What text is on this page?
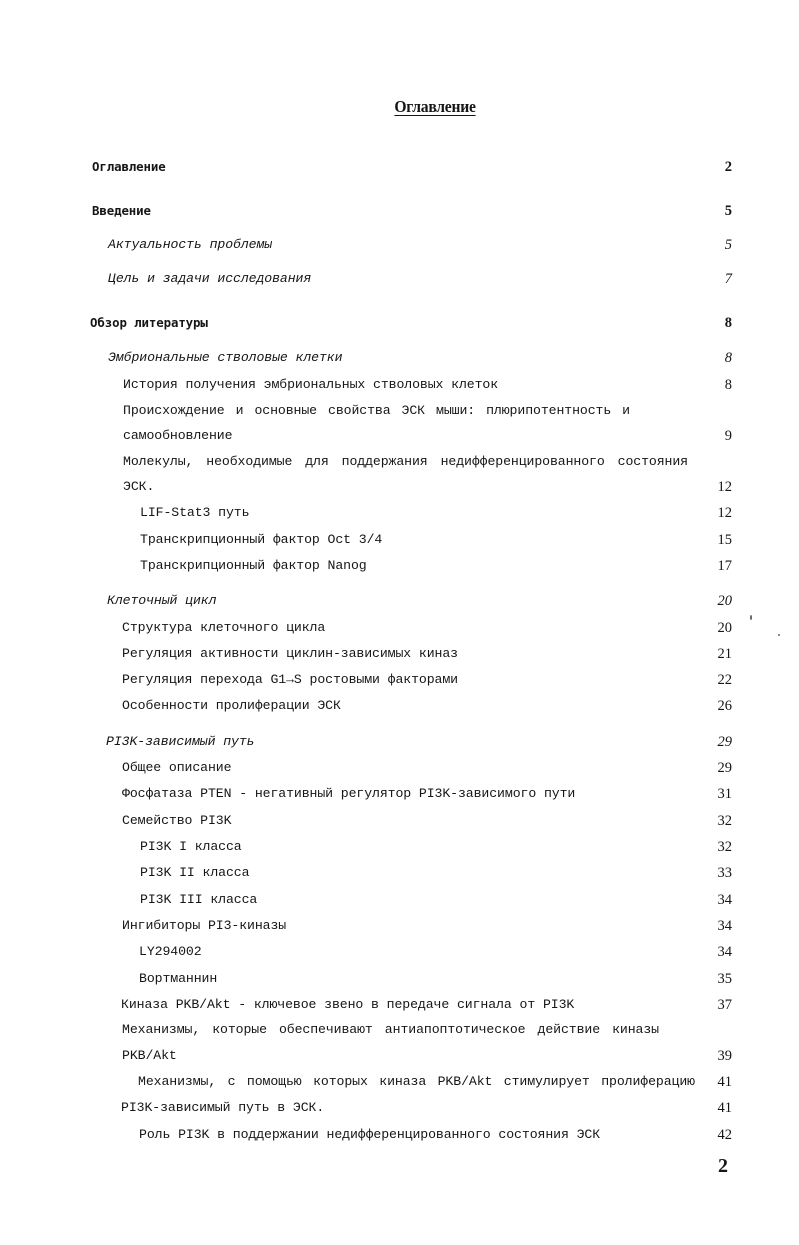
Оглавление
Оглавление	2
Введение	5
Актуальность проблемы	5
Цель и задачи исследования	7
Обзор литературы	8
Эмбриональные стволовые клетки	8
История получения эмбриональных стволовых клеток	8
Происхождение и основные свойства ЭСК мыши: плюрипотентность и
самообновление	9
Молекулы, необходимые для поддержания недифференцированного состояния
ЭСК.	12
LIF-Stat3 путь	12
Транскрипционный фактор Oct 3/4	15
Транскрипционный фактор Nanog	17
Клеточный цикл	20
Структура клеточного цикла	20
Регуляция активности циклин-зависимых киназ	21
Регуляция перехода G1→S ростовыми факторами	22
Особенности пролиферации ЭСК	26
PI3K-зависимый путь	29
Общее описание	29
Фосфатаза PTEN - негативный регулятор PI3K-зависимого пути	31
Семейство PI3K	32
PI3K I класса	32
PI3K II класса	33
PI3K III класса	34
Ингибиторы PI3-киназы	34
LY294002	34
Вортманнин	35
Киназа PKB/Akt - ключевое звено в передаче сигнала от PI3K	37
Механизмы, которые обеспечивают антиапоптотическое действие киназы
PKB/Akt	39
Механизмы, с помощью которых киназа PKB/Akt стимулирует пролиферацию	41
PI3K-зависимый путь в ЭСК.	41
Роль PI3K в поддержании недифференцированного состояния ЭСК	42
2
